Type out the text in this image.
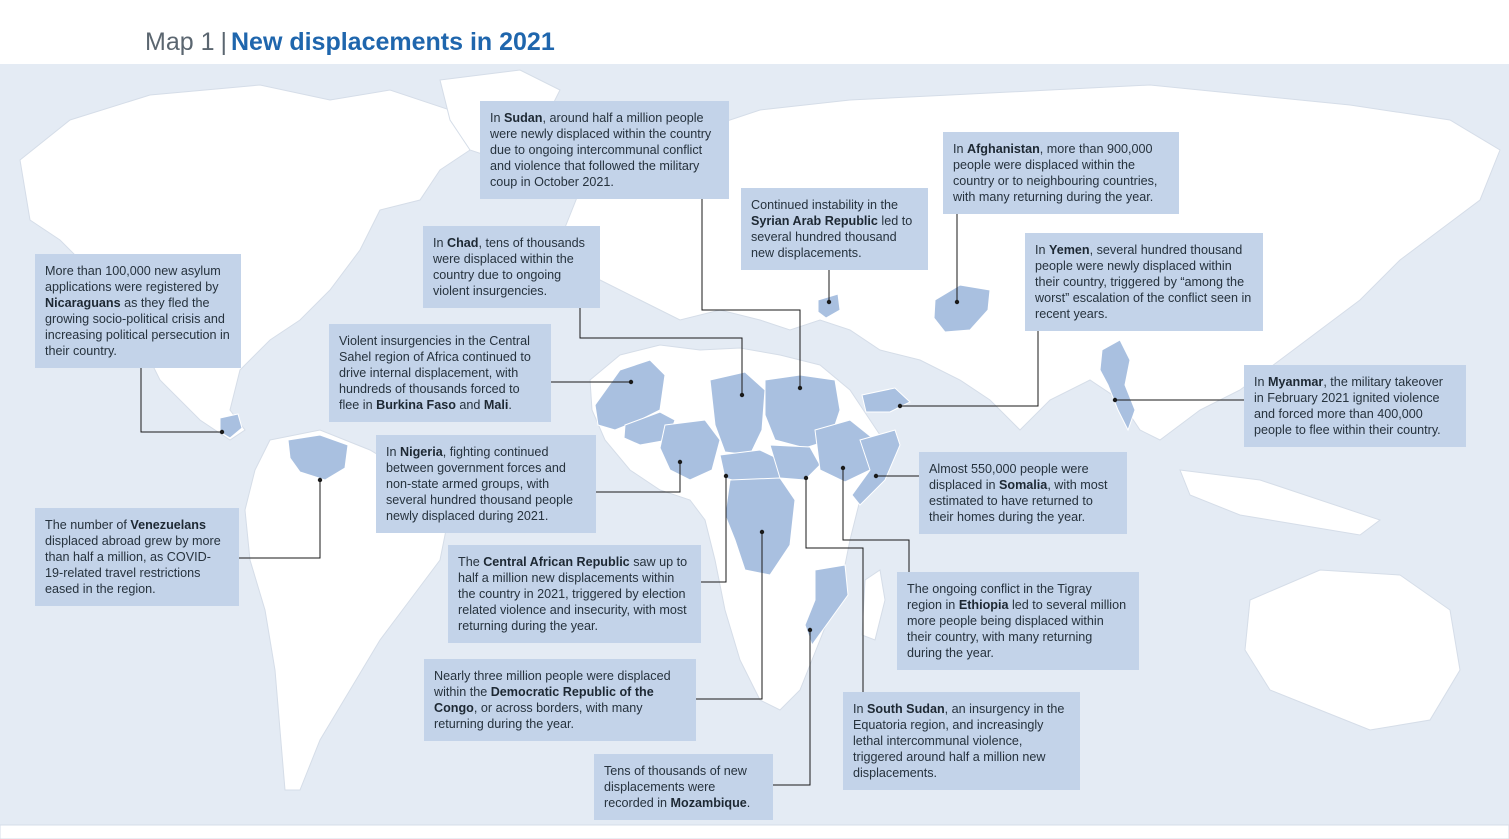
Map 1 | New displacements in 2021
More than 100,000 new asylum applications were registered by Nicaraguans as they fled the growing socio-political crisis and increasing political persecution in their country.
The number of Venezuelans displaced abroad grew by more than half a million, as COVID-19-related travel restrictions eased in the region.
In Sudan, around half a million people were newly displaced within the country due to ongoing intercommunal conflict and violence that followed the military coup in October 2021.
In Chad, tens of thousands were displaced within the country due to ongoing violent insurgencies.
Violent insurgencies in the Central Sahel region of Africa continued to drive internal displacement, with hundreds of thousands forced to flee in Burkina Faso and Mali.
In Nigeria, fighting continued between government forces and non-state armed groups, with several hundred thousand people newly displaced during 2021.
The Central African Republic saw up to half a million new displacements within the country in 2021, triggered by election related violence and insecurity, with most returning during the year.
Nearly three million people were displaced within the Democratic Republic of the Congo, or across borders, with many returning during the year.
Tens of thousands of new displacements were recorded in Mozambique.
Continued instability in the Syrian Arab Republic led to several hundred thousand new displacements.
In Afghanistan, more than 900,000 people were displaced within the country or to neighbouring countries, with many returning during the year.
In Yemen, several hundred thousand people were newly displaced within their country, triggered by “among the worst” escalation of the conflict seen in recent years.
In Myanmar, the military takeover in February 2021 ignited violence and forced more than 400,000 people to flee within their country.
Almost 550,000 people were displaced in Somalia, with most estimated to have returned to their homes during the year.
The ongoing conflict in the Tigray region in Ethiopia led to several million more people being displaced within their country, with many returning during the year.
In South Sudan, an insurgency in the Equatoria region, and increasingly lethal intercommunal violence, triggered around half a million new displacements.
